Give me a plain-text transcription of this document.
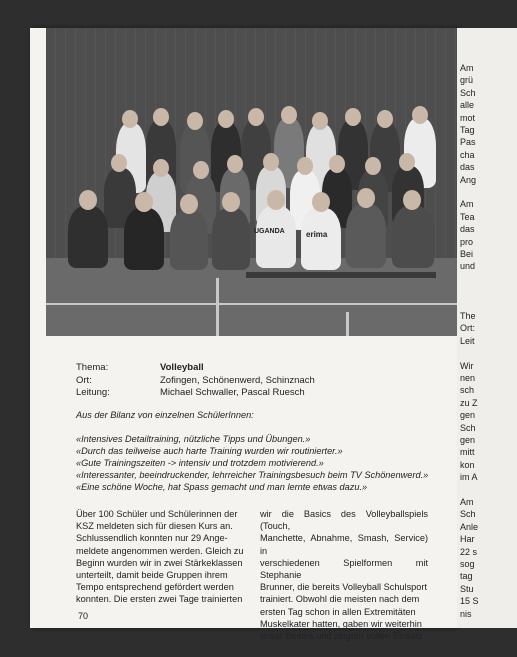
UGANDA	erima
Thema:	Volleyball
Ort:	Zofingen, Schönenwerd, Schinznach
Leitung:	Michael Schwaller, Pascal Ruesch
Aus der Bilanz von einzelnen SchülerInnen:
«Intensives Detailtraining, nützliche Tipps und Übungen.»
«Durch das teilweise auch harte Training wurden wir routinierter.»
«Gute Trainingszeiten -> intensiv und trotzdem motivierend.»
«Interessanter, beeindruckender, lehrreicher Trainingsbesuch beim TV Schönenwerd.»
«Eine schöne Woche, hat Spass gemacht und man lernte etwas dazu.»
Über 100 Schüler und Schülerinnen der
KSZ meldeten sich für diesen Kurs an.
Schlussendlich konnten nur 29 Ange-
meldete angenommen werden. Gleich zu
Beginn wurden wir in zwei Stärkeklassen
unterteilt, damit beide Gruppen ihrem
Tempo entsprechend gefördert werden
konnten. Die ersten zwei Tage trainierten
wir die Basics des Volleyballspiels (Touch,
Manchette, Abnahme, Smash, Service) in
verschiedenen Spielformen mit Stephanie
Brunner, die bereits Volleyball Schulsport
trainiert. Obwohl die meisten nach dem
ersten Tag schon in allen Extremitäten
Muskelkater hatten, gaben wir weiterhin
unser Bestes und zeigten vollen Einsatz.
70
Am
grü
Sch
alle
mot
Tag
Pas
cha
das
Ang
Am
Tea
das
pro
Bei
und
The
Ort:
Leit
Wir
nen
sch
zu Z
gen
Sch
gen
mitt
kon
im A
Am
Sch
Anle
Har
22 s
sog
tag
Stu
15 S
nis
